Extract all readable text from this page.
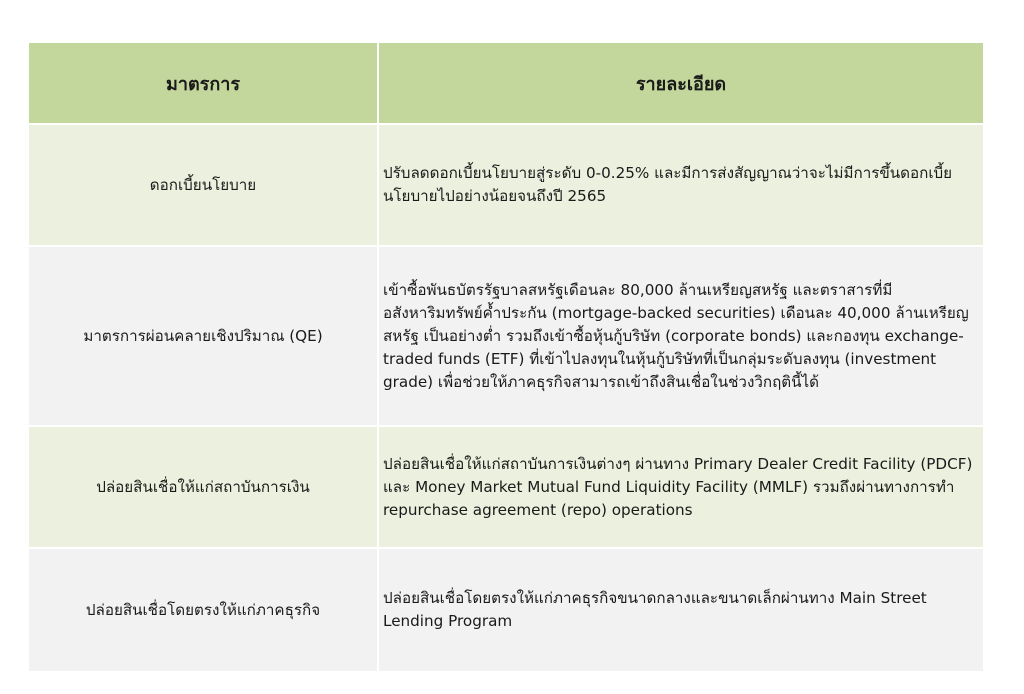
มาตรการ	รายละเอียด
ดอกเบี้ยนโยบาย	ปรับลดดอกเบี้ยนโยบายสู่ระดับ 0-0.25% และมีการส่งสัญญาณว่าจะไม่มีการขึ้นดอกเบี้ยนโยบายไปอย่างน้อยจนถึงปี 2565
มาตรการผ่อนคลายเชิงปริมาณ (QE)	เข้าซื้อพันธบัตรรัฐบาลสหรัฐเดือนละ 80,000 ล้านเหรียญสหรัฐ และตราสารที่มีอสังหาริมทรัพย์ค้ำประกัน (mortgage-backed securities) เดือนละ 40,000 ล้านเหรียญสหรัฐ เป็นอย่างต่ำ รวมถึงเข้าซื้อหุ้นกู้บริษัท (corporate bonds) และกองทุน exchange-traded funds (ETF) ที่เข้าไปลงทุนในหุ้นกู้บริษัทที่เป็นกลุ่มระดับลงทุน (investment grade) เพื่อช่วยให้ภาคธุรกิจสามารถเข้าถึงสินเชื่อในช่วงวิกฤตินี้ได้
ปล่อยสินเชื่อให้แก่สถาบันการเงิน	ปล่อยสินเชื่อให้แก่สถาบันการเงินต่างๆ ผ่านทาง Primary Dealer Credit Facility (PDCF) และ Money Market Mutual Fund Liquidity Facility (MMLF) รวมถึงผ่านทางการทำ repurchase agreement (repo) operations
ปล่อยสินเชื่อโดยตรงให้แก่ภาคธุรกิจ	ปล่อยสินเชื่อโดยตรงให้แก่ภาคธุรกิจขนาดกลางและขนาดเล็กผ่านทาง Main Street Lending Program
